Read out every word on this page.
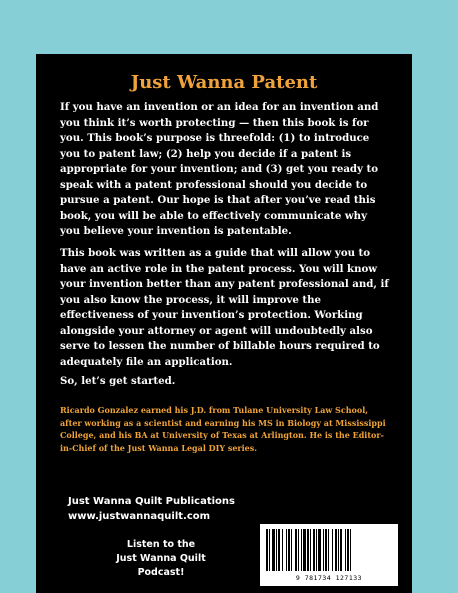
Just Wanna Patent

If you have an invention or an idea for an invention and you think it’s worth protecting — then this book is for you. This book’s purpose is threefold: (1) to introduce you to patent law; (2) help you decide if a patent is appropriate for your invention; and (3) get you ready to speak with a patent professional should you decide to pursue a patent. Our hope is that after you’ve read this book, you will be able to effectively communicate why you believe your invention is patentable.

This book was written as a guide that will allow you to have an active role in the patent process. You will know your invention better than any patent professional and, if you also know the process, it will improve the effectiveness of your invention’s protection. Working alongside your attorney or agent will undoubtedly also serve to lessen the number of billable hours required to adequately file an application.

So, let’s get started.

Ricardo Gonzalez earned his J.D. from Tulane University Law School, after working as a scientist and earning his MS in Biology at Mississippi College, and his BA at University of Texas at Arlington. He is the Editor-in-Chief of the Just Wanna Legal DIY series.

Just Wanna Quilt Publications
www.justwannaquilt.com
Listen to the
Just Wanna Quilt Podcast!	9 781734 127133
